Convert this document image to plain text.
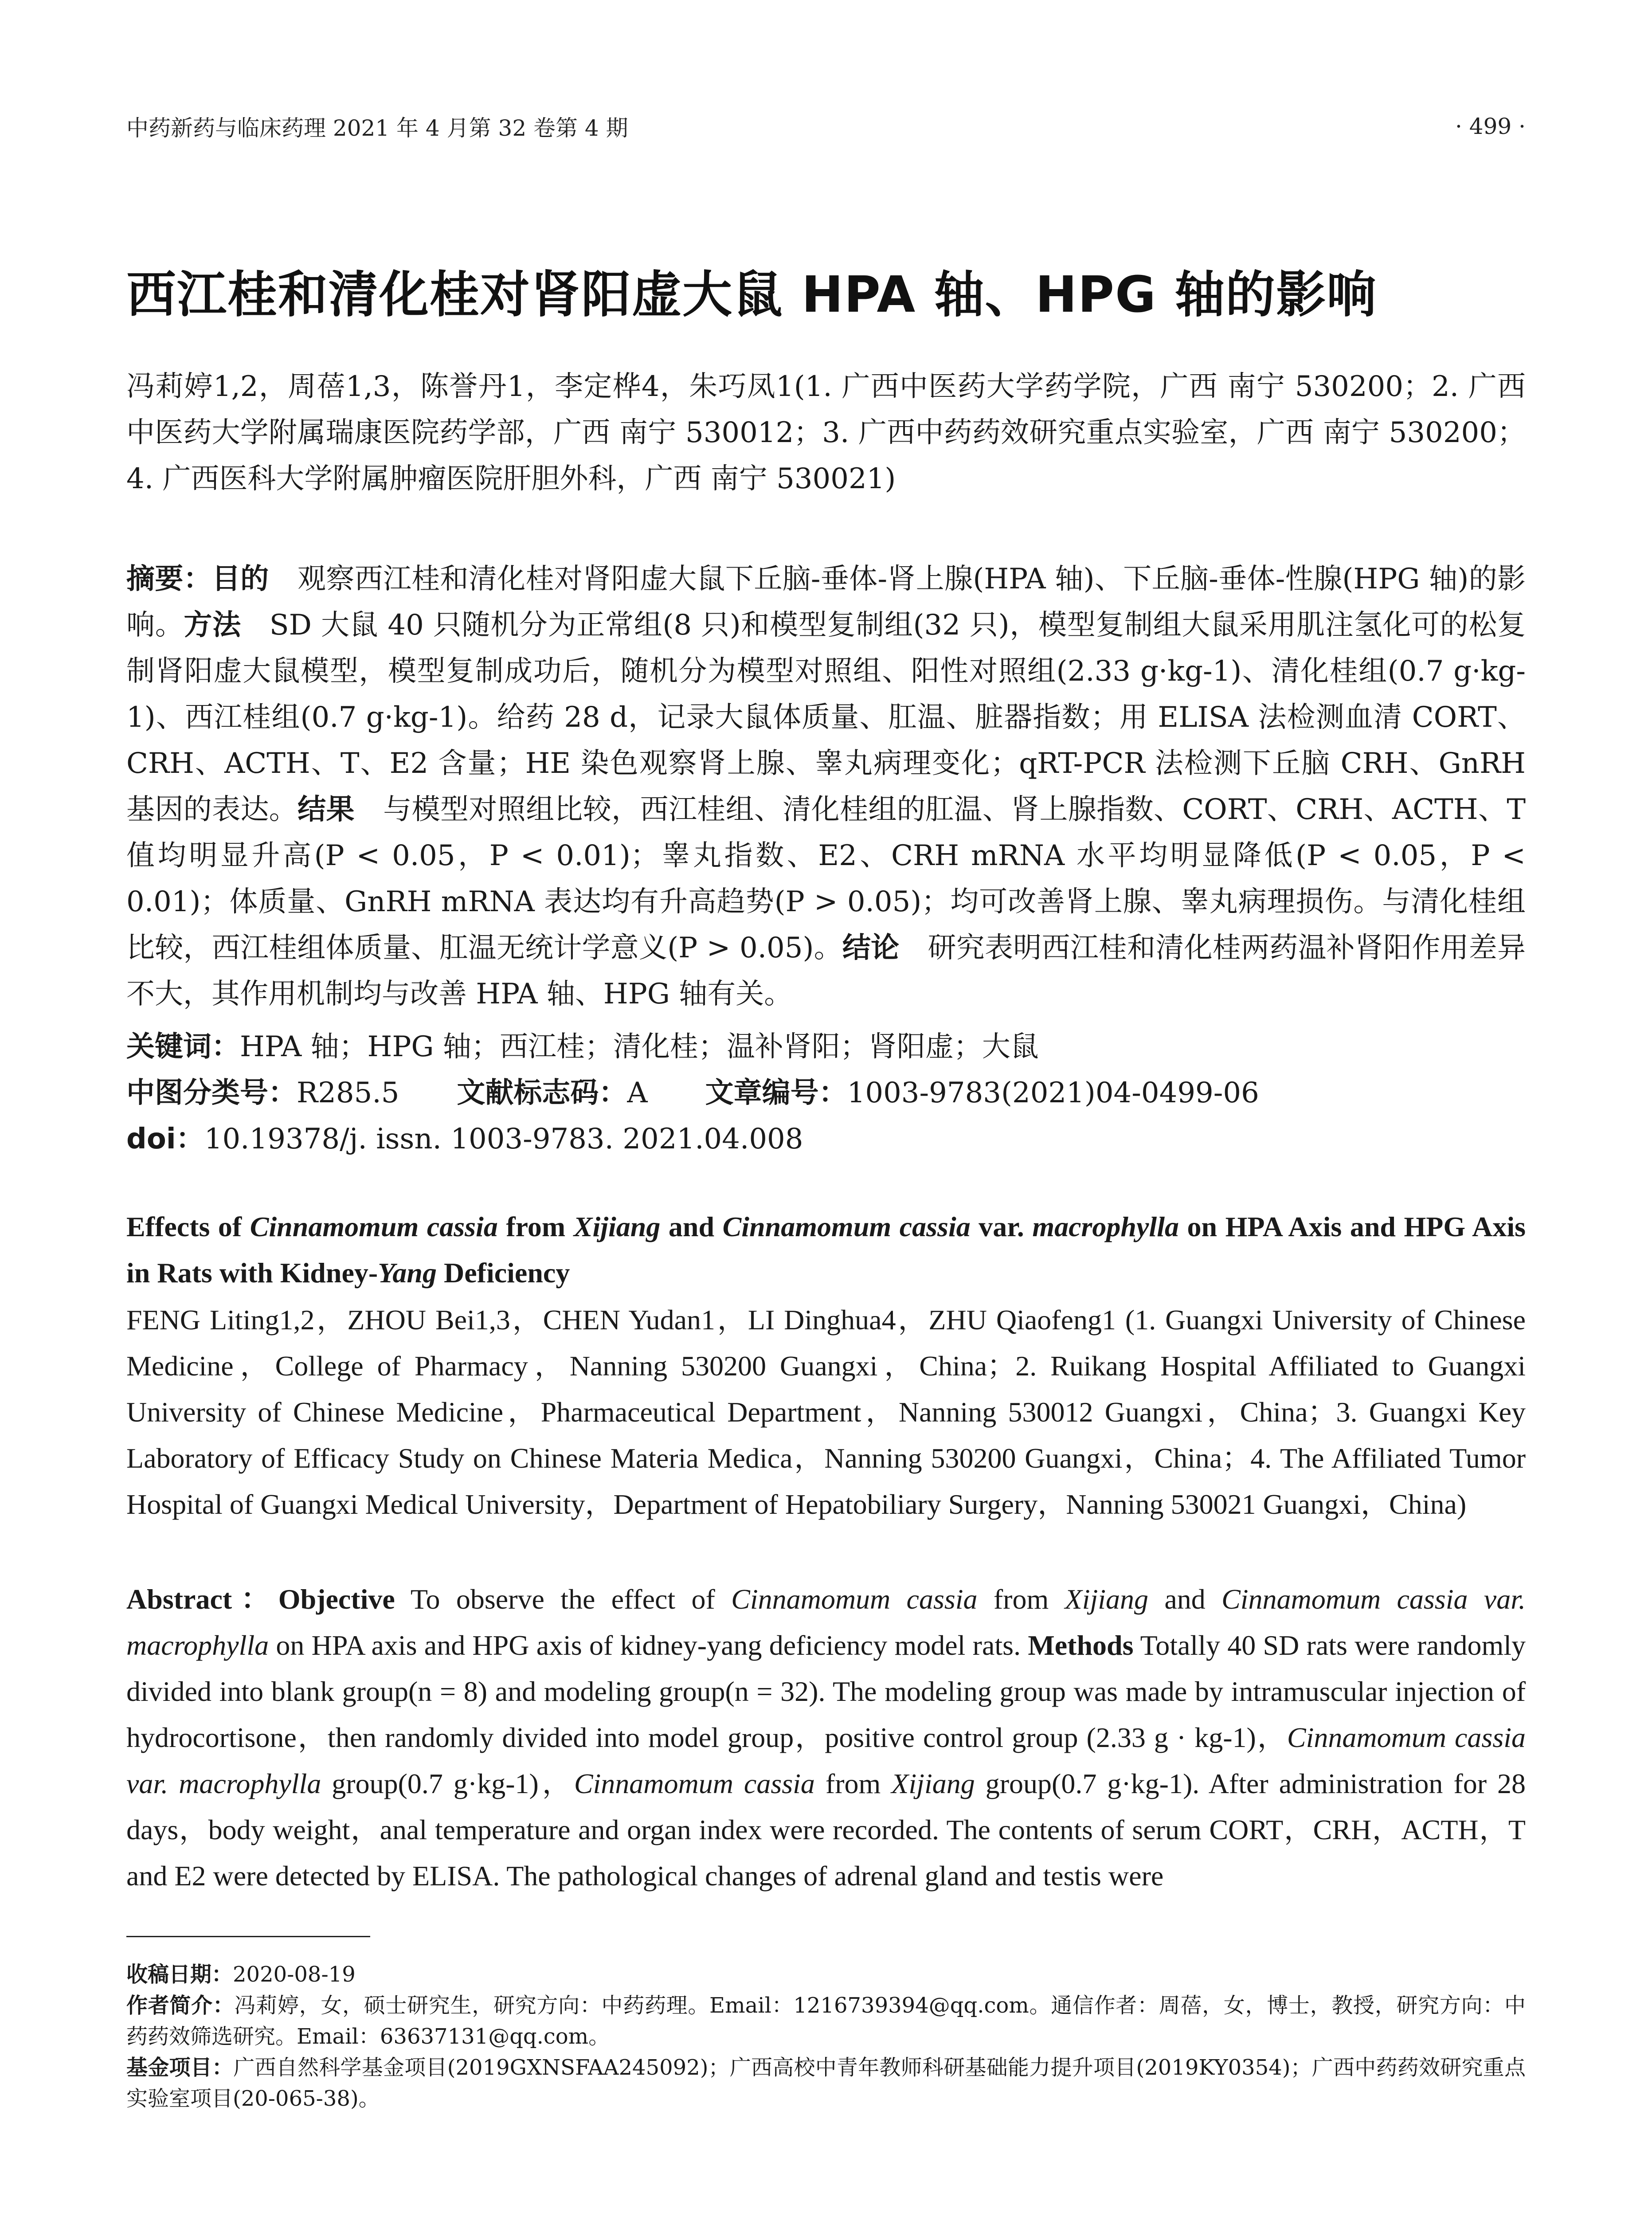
中药新药与临床药理 2021 年 4 月第 32 卷第 4 期	· 499 ·
西江桂和清化桂对肾阳虚大鼠 HPA 轴、HPG 轴的影响
冯莉婷1,2，周蓓1,3，陈誉丹1，李定桦4，朱巧凤1(1. 广西中医药大学药学院，广西 南宁 530200；2. 广西中医药大学附属瑞康医院药学部，广西 南宁 530012；3. 广西中药药效研究重点实验室，广西 南宁 530200；4. 广西医科大学附属肿瘤医院肝胆外科，广西 南宁 530021)
摘要：目的  观察西江桂和清化桂对肾阳虚大鼠下丘脑-垂体-肾上腺(HPA 轴)、下丘脑-垂体-性腺(HPG 轴)的影响。方法  SD 大鼠 40 只随机分为正常组(8 只)和模型复制组(32 只)，模型复制组大鼠采用肌注氢化可的松复制肾阳虚大鼠模型，模型复制成功后，随机分为模型对照组、阳性对照组(2.33 g·kg-1)、清化桂组(0.7 g·kg-1)、西江桂组(0.7 g·kg-1)。给药 28 d，记录大鼠体质量、肛温、脏器指数；用 ELISA 法检测血清 CORT、CRH、ACTH、T、E2 含量；HE 染色观察肾上腺、睾丸病理变化；qRT-PCR 法检测下丘脑 CRH、GnRH 基因的表达。结果  与模型对照组比较，西江桂组、清化桂组的肛温、肾上腺指数、CORT、CRH、ACTH、T 值均明显升高(P < 0.05，P < 0.01)；睾丸指数、E2、CRH mRNA 水平均明显降低(P < 0.05，P < 0.01)；体质量、GnRH mRNA 表达均有升高趋势(P > 0.05)；均可改善肾上腺、睾丸病理损伤。与清化桂组比较，西江桂组体质量、肛温无统计学意义(P > 0.05)。结论  研究表明西江桂和清化桂两药温补肾阳作用差异不大，其作用机制均与改善 HPA 轴、HPG 轴有关。
关键词：HPA 轴；HPG 轴；西江桂；清化桂；温补肾阳；肾阳虚；大鼠
中图分类号：R285.5 文献标志码：A 文章编号：1003-9783(2021)04-0499-06
doi：10.19378/j. issn. 1003-9783. 2021.04.008
Effects of Cinnamomum cassia from Xijiang and Cinnamomum cassia var. macrophylla on HPA Axis and HPG Axis in Rats with Kidney-Yang Deficiency
FENG Liting1,2，ZHOU Bei1,3，CHEN Yudan1，LI Dinghua4，ZHU Qiaofeng1 (1. Guangxi University of Chinese Medicine，College of Pharmacy，Nanning 530200 Guangxi，China；2. Ruikang Hospital Affiliated to Guangxi University of Chinese Medicine，Pharmaceutical Department，Nanning 530012 Guangxi，China；3. Guangxi Key Laboratory of Efficacy Study on Chinese Materia Medica，Nanning 530200 Guangxi，China；4. The Affiliated Tumor Hospital of Guangxi Medical University，Department of Hepatobiliary Surgery，Nanning 530021 Guangxi，China)
Abstract：Objective To observe the effect of Cinnamomum cassia from Xijiang and Cinnamomum cassia var. macrophylla on HPA axis and HPG axis of kidney-yang deficiency model rats. Methods Totally 40 SD rats were randomly divided into blank group(n = 8) and modeling group(n = 32). The modeling group was made by intramuscular injection of hydrocortisone，then randomly divided into model group，positive control group (2.33 g · kg-1)，Cinnamomum cassia var. macrophylla group(0.7 g·kg-1)，Cinnamomum cassia from Xijiang group(0.7 g·kg-1). After administration for 28 days，body weight，anal temperature and organ index were recorded. The contents of serum CORT，CRH，ACTH，T and E2 were detected by ELISA. The pathological changes of adrenal gland and testis were

收稿日期：2020-08-19

作者简介：冯莉婷，女，硕士研究生，研究方向：中药药理。Email：1216739394@qq.com。通信作者：周蓓，女，博士，教授，研究方向：中药药效筛选研究。Email：63637131@qq.com。

基金项目：广西自然科学基金项目(2019GXNSFAA245092)；广西高校中青年教师科研基础能力提升项目(2019KY0354)；广西中药药效研究重点实验室项目(20-065-38)。
